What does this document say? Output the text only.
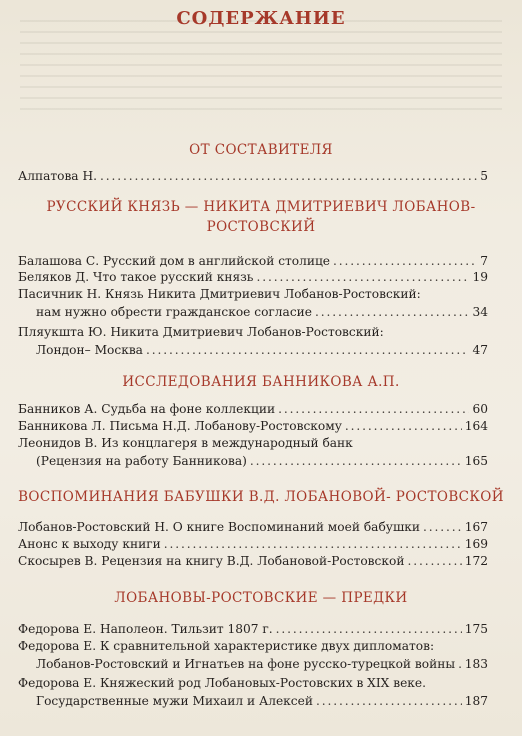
СОДЕРЖАНИЕ
ОТ СОСТАВИТЕЛЯ
Алпатова Н. . . .	5
РУССКИЙ КНЯЗЬ — НИКИТА ДМИТРИЕВИЧ ЛОБАНОВ-
РОСТОВСКИЙ
Балашова С. Русский дом в английской столице . . .	7
Беляков Д. Что такое русский князь . . .	19
Пасичник Н. Князь Никита Дмитриевич Лобанов-Ростовский:
нам нужно обрести гражданское согласие . . .	34
Пляукшта Ю. Никита Дмитриевич Лобанов-Ростовский:
Лондон– Москва . . .	47
ИССЛЕДОВАНИЯ БАННИКОВА А.П.
Банников А. Судьба на фоне коллекции . . .	60
Банникова Л. Письма Н.Д. Лобанову-Ростовскому . . .	164
Леонидов В. Из концлагеря в международный банк
(Рецензия на работу Банникова) . . .	165
ВОСПОМИНАНИЯ БАБУШКИ В.Д. ЛОБАНОВОЙ- РОСТОВСКОЙ
Лобанов-Ростовский Н. О книге Воспоминаний моей бабушки . . .	167
Анонс к выходу книги . . .	169
Скосырев В. Рецензия на книгу В.Д. Лобановой-Ростовской . . .	172
ЛОБАНОВЫ-РОСТОВСКИЕ — ПРЕДКИ
Федорова Е. Наполеон. Тильзит 1807 г. . . .	175
Федорова Е. К сравнительной характеристике двух дипломатов:
Лобанов-Ростовский и Игнатьев на фоне русско-турецкой войны . . . 183
Федорова Е. Княжеский род Лобановых-Ростовских в XIX веке.
Государственные мужи Михаил и Алексей . . .	187
